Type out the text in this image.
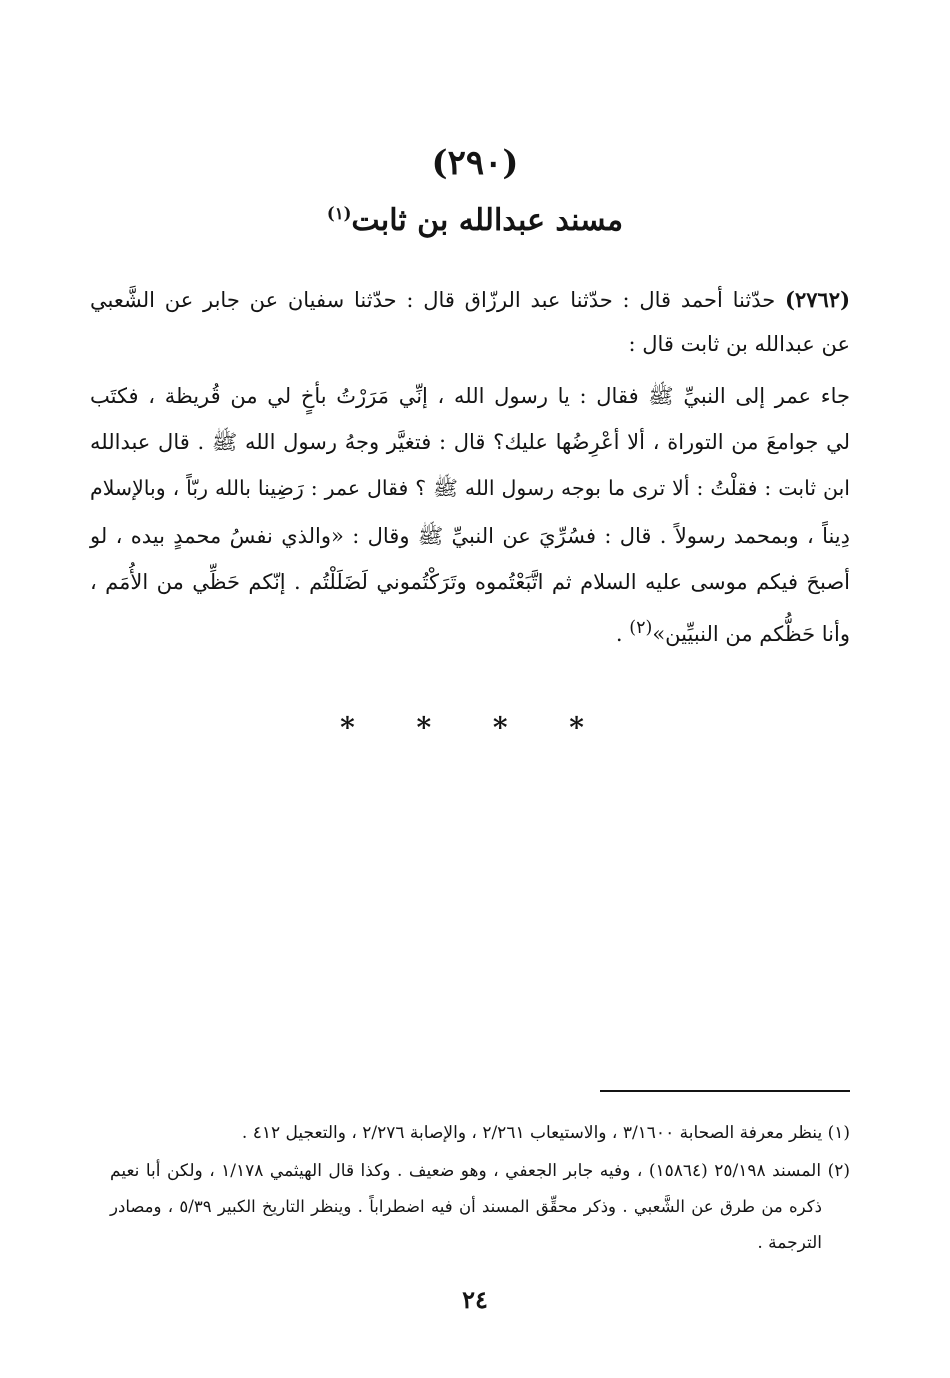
(٢٩٠)
مسند عبدالله بن ثابت$^{(١)}$
(٢٧٦٢) حدّثنا أحمد قال : حدّثنا عبد الرزّاق قال : حدّثنا سفيان عن جابر عن الشَّعبي
عن عبدالله بن ثابت قال :
جاء عمر إلى النبيِّ ﷺ فقال : يا رسول الله ، إنِّي مَرَرْتُ بأخٍ لي من قُريظة ، فكتَب
لي جوامعَ من التوراة ، ألا أعْرِضُها عليك؟ قال : فتغيَّر وجهُ رسول الله ﷺ . قال عبدالله
ابن ثابت : فقلْتُ : ألا ترى ما بوجه رسول الله ﷺ ؟ فقال عمر : رَضِينا بالله ربّاً ، وبالإسلام
دِيناً ، وبمحمد رسولاً . قال : فسُرِّيَ عن النبيِّ ﷺ وقال : «والذي نفسُ محمدٍ بيده ، لو
أصبحَ فيكم موسى عليه السلام ثم اتَّبَعْتُموه وتَرَكْتُموني لَضَلَلْتُم . إنّكم حَظِّي من الأُمَم ،
وأنا حَظُّكم من النبيِّين»$^{(٢)}$ .
* * * *
(١) ينظر معرفة الصحابة ٣/١٦٠٠ ، والاستيعاب ٢/٢٦١ ، والإصابة ٢/٢٧٦ ، والتعجيل ٤١٢ .
(٢) المسند ٢٥/١٩٨ (١٥٨٦٤) ، وفيه جابر الجعفي ، وهو ضعيف . وكذا قال الهيثمي ١/١٧٨ ، ولكن أبا نعيم
ذكره من طرق عن الشَّعبي . وذكر محقِّق المسند أن فيه اضطراباً . وينظر التاريخ الكبير ٥/٣٩ ، ومصادر
الترجمة .
٢٤
